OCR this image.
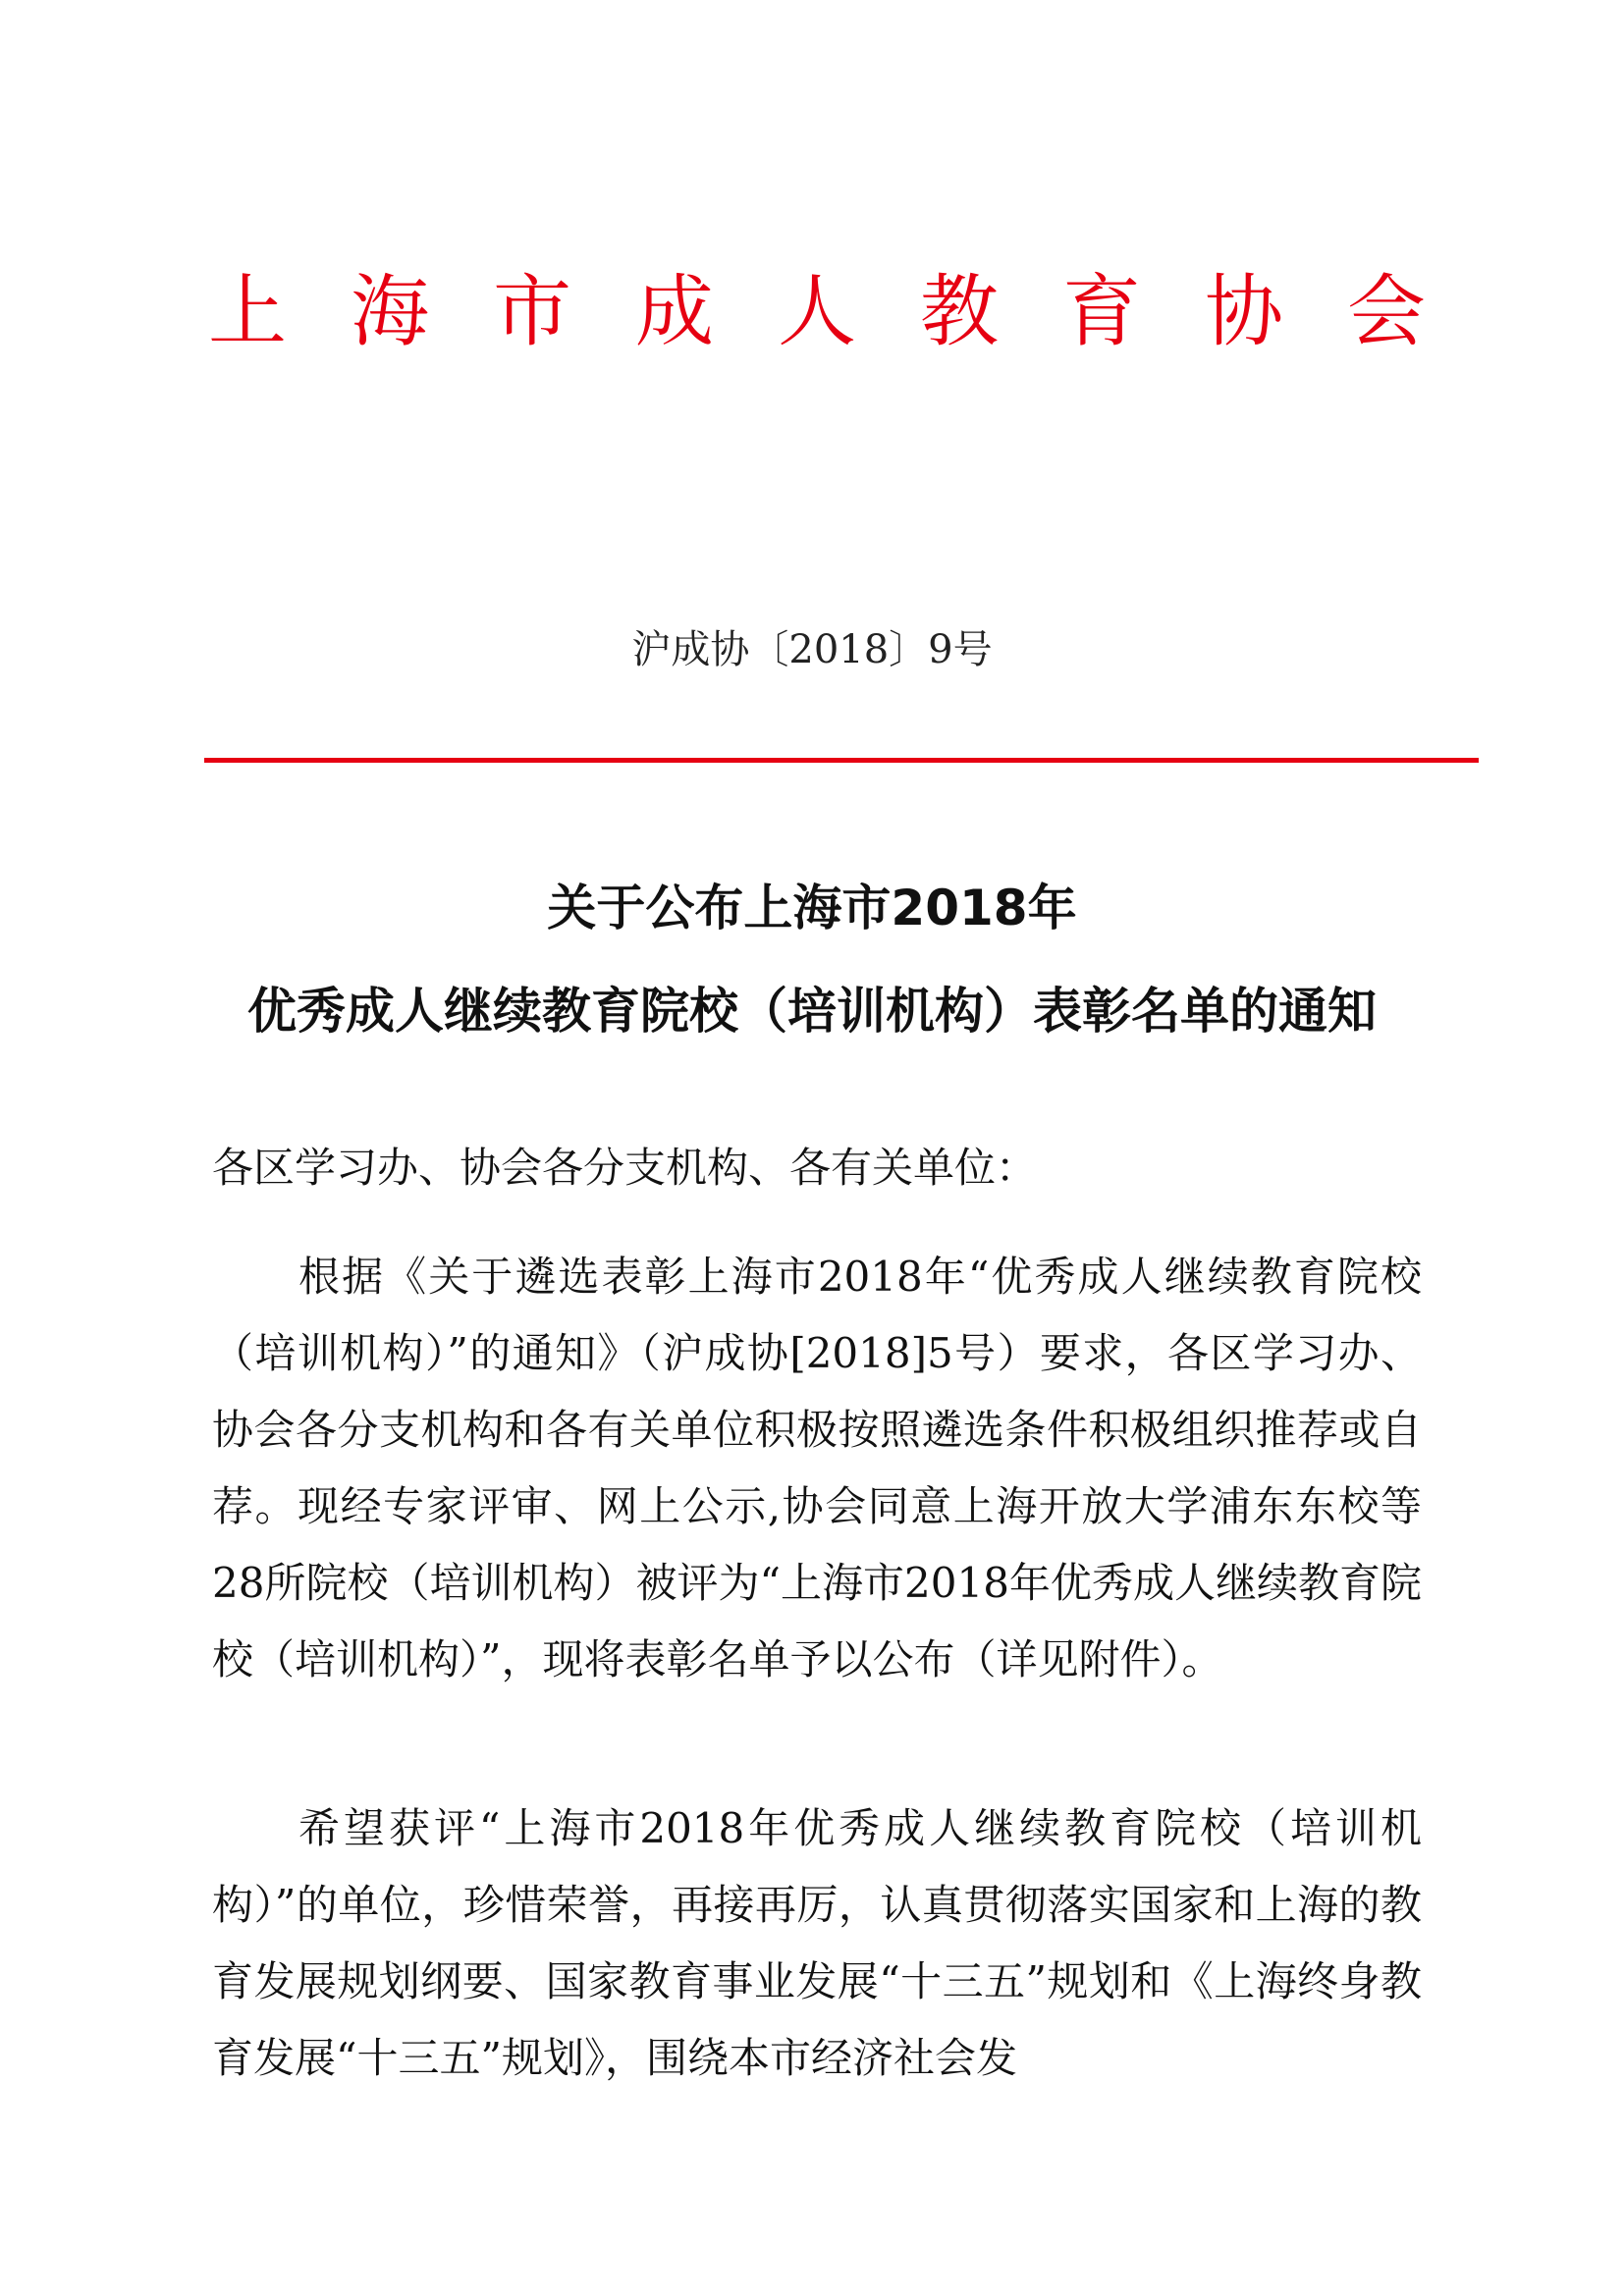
上 海 市 成 人 教 育 协 会
沪成协〔2018〕9号
关于公布上海市2018年
优秀成人继续教育院校（培训机构）表彰名单的通知
各区学习办、协会各分支机构、各有关单位：

根据《关于遴选表彰上海市2018年“优秀成人继续教育院校（培训机构）”的通知》（沪成协[2018]5号）要求，各区学习办、协会各分支机构和各有关单位积极按照遴选条件积极组织推荐或自荐。现经专家评审、网上公示,协会同意上海开放大学浦东东校等28所院校（培训机构）被评为“上海市2018年优秀成人继续教育院校（培训机构）”，现将表彰名单予以公布（详见附件）。

希望获评“上海市2018年优秀成人继续教育院校（培训机构）”的单位，珍惜荣誉，再接再厉，认真贯彻落实国家和上海的教育发展规划纲要、国家教育事业发展“十三五”规划和《上海终身教育发展“十三五”规划》，围绕本市经济社会发
